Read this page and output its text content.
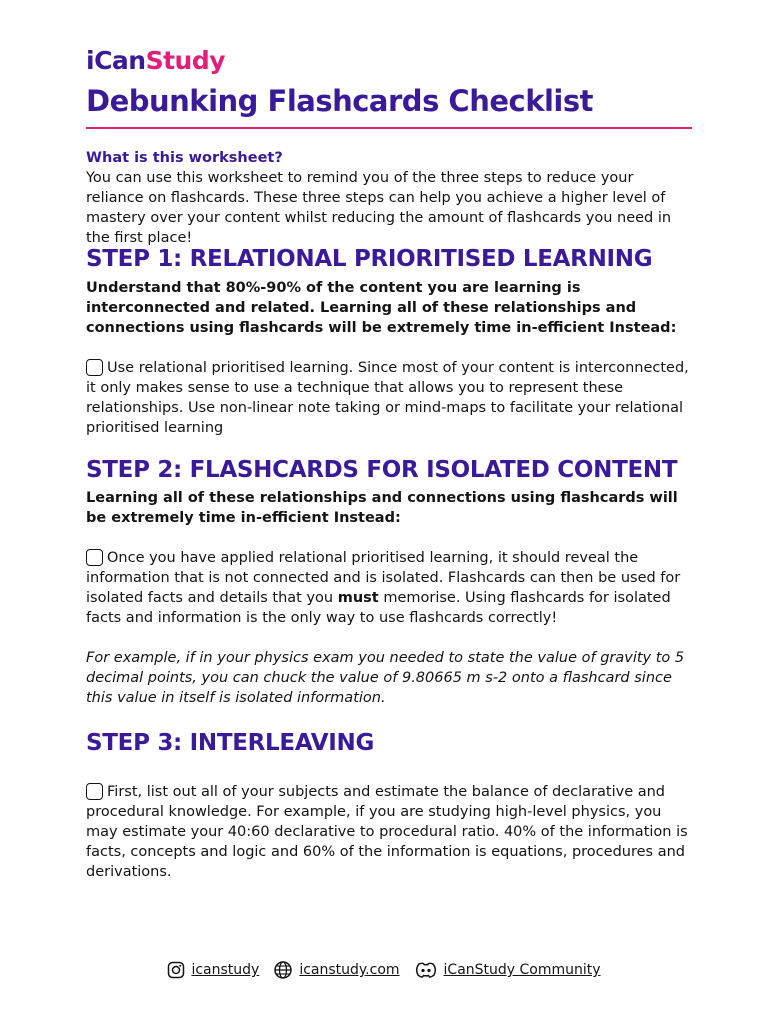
iCanStudy
Debunking Flashcards Checklist
What is this worksheet?
You can use this worksheet to remind you of the three steps to reduce your reliance on flashcards. These three steps can help you achieve a higher level of mastery over your content whilst reducing the amount of flashcards you need in the first place!
STEP 1: RELATIONAL PRIORITISED LEARNING
Understand that 80%-90% of the content you are learning is interconnected and related. Learning all of these relationships and connections using flashcards will be extremely time in-efficient Instead:
Use relational prioritised learning. Since most of your content is interconnected, it only makes sense to use a technique that allows you to represent these relationships. Use non-linear note taking or mind-maps to facilitate your relational prioritised learning
STEP 2: FLASHCARDS FOR ISOLATED CONTENT
Learning all of these relationships and connections using flashcards will be extremely time in-efficient Instead:
Once you have applied relational prioritised learning, it should reveal the information that is not connected and is isolated. Flashcards can then be used for isolated facts and details that you must memorise. Using flashcards for isolated facts and information is the only way to use flashcards correctly!
For example, if in your physics exam you needed to state the value of gravity to 5 decimal points, you can chuck the value of 9.80665 m s-2 onto a flashcard since this value in itself is isolated information.
STEP 3: INTERLEAVING
First, list out all of your subjects and estimate the balance of declarative and procedural knowledge. For example, if you are studying high-level physics, you may estimate your 40:60 declarative to procedural ratio. 40% of the information is facts, concepts and logic and 60% of the information is equations, procedures and derivations.
icanstudy	icanstudy.com	iCanStudy Community
